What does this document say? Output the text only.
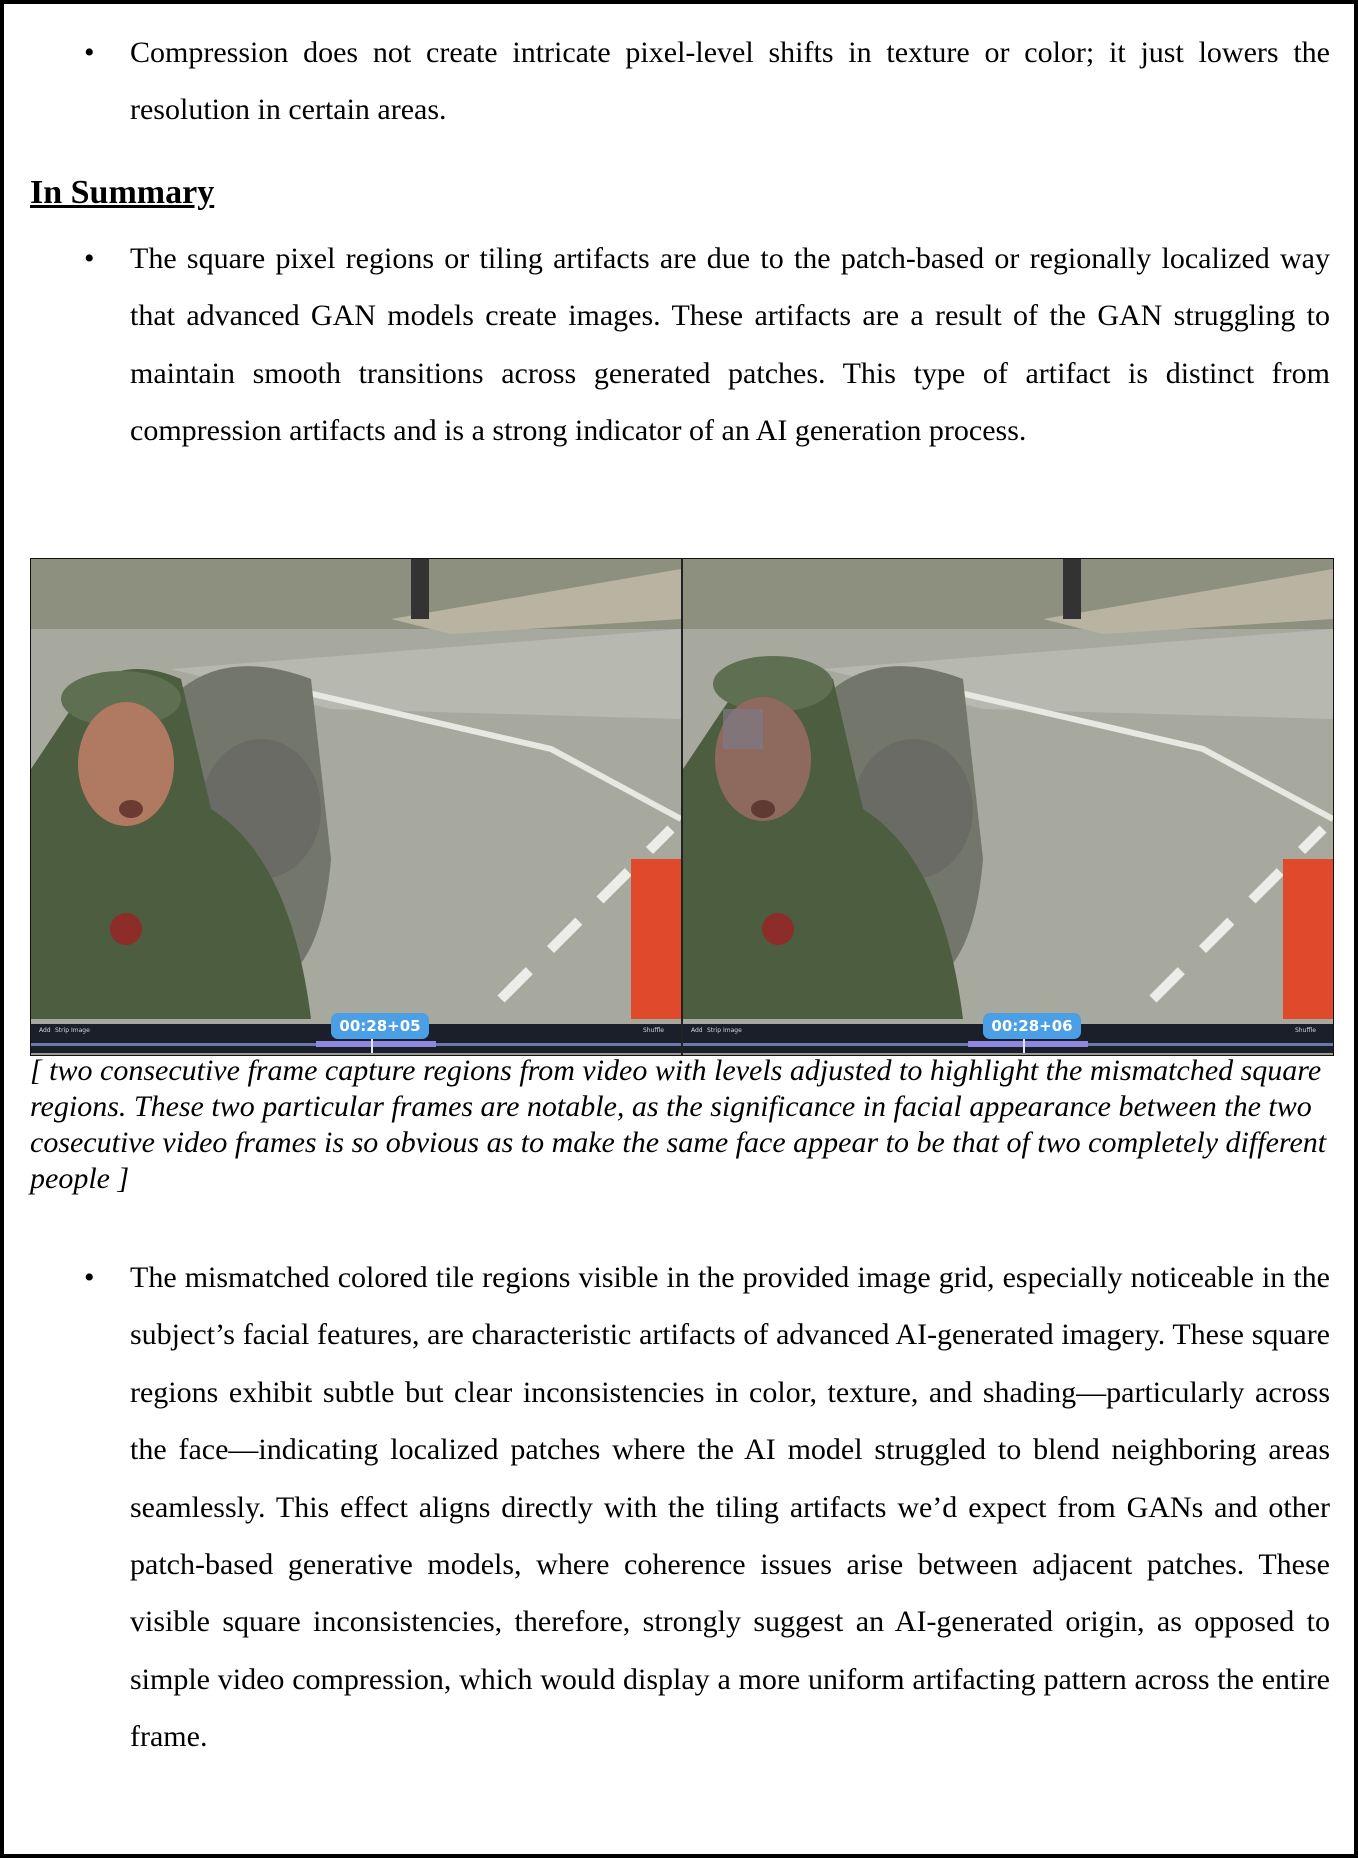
• Compression does not create intricate pixel-level shifts in texture or color; it just lowers the resolution in certain areas.

In Summary
• The square pixel regions or tiling artifacts are due to the patch-based or regionally localized way that advanced GAN models create images. These artifacts are a result of the GAN struggling to maintain smooth transitions across generated patches. This type of artifact is distinct from compression artifacts and is a strong indicator of an AI generation process.

Add Strip Image	Shuffle
00:28+05	Add Strip Image	Shuffle
00:28+06

[ two consecutive frame capture regions from video with levels adjusted to highlight the mismatched square regions. These two particular frames are notable, as the significance in facial appearance between the two cosecutive video frames is so obvious as to make the same face appear to be that of two completely different people ]

• The mismatched colored tile regions visible in the provided image grid, especially noticeable in the subject’s facial features, are characteristic artifacts of advanced AI-generated imagery. These square regions exhibit subtle but clear inconsistencies in color, texture, and shading—particularly across the face—indicating localized patches where the AI model struggled to blend neighboring areas seamlessly. This effect aligns directly with the tiling artifacts we’d expect from GANs and other patch-based generative models, where coherence issues arise between adjacent patches. These visible square inconsistencies, therefore, strongly suggest an AI-generated origin, as opposed to simple video compression, which would display a more uniform artifacting pattern across the entire frame.
